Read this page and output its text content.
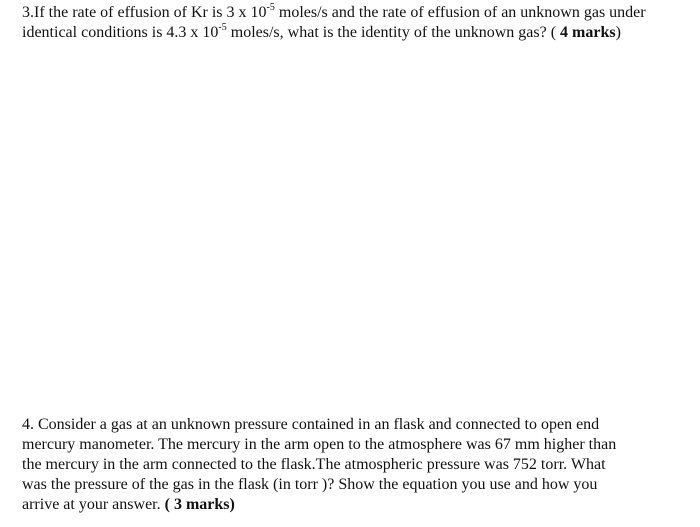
3.If the rate of effusion of Kr is 3 x $10^{-5}$ moles/s and the rate of effusion of an unknown gas under
identical conditions is 4.3 x $10^{-5}$ moles/s, what is the identity of the unknown gas? ( 4 marks)
4. Consider a gas at an unknown pressure contained in an flask and connected to open end
mercury manometer. The mercury in the arm open to the atmosphere was 67 mm higher than
the mercury in the arm connected to the flask.The atmospheric pressure was 752 torr. What
was the pressure of the gas in the flask (in torr )? Show the equation you use and how you
arrive at your answer. ( 3 marks)
